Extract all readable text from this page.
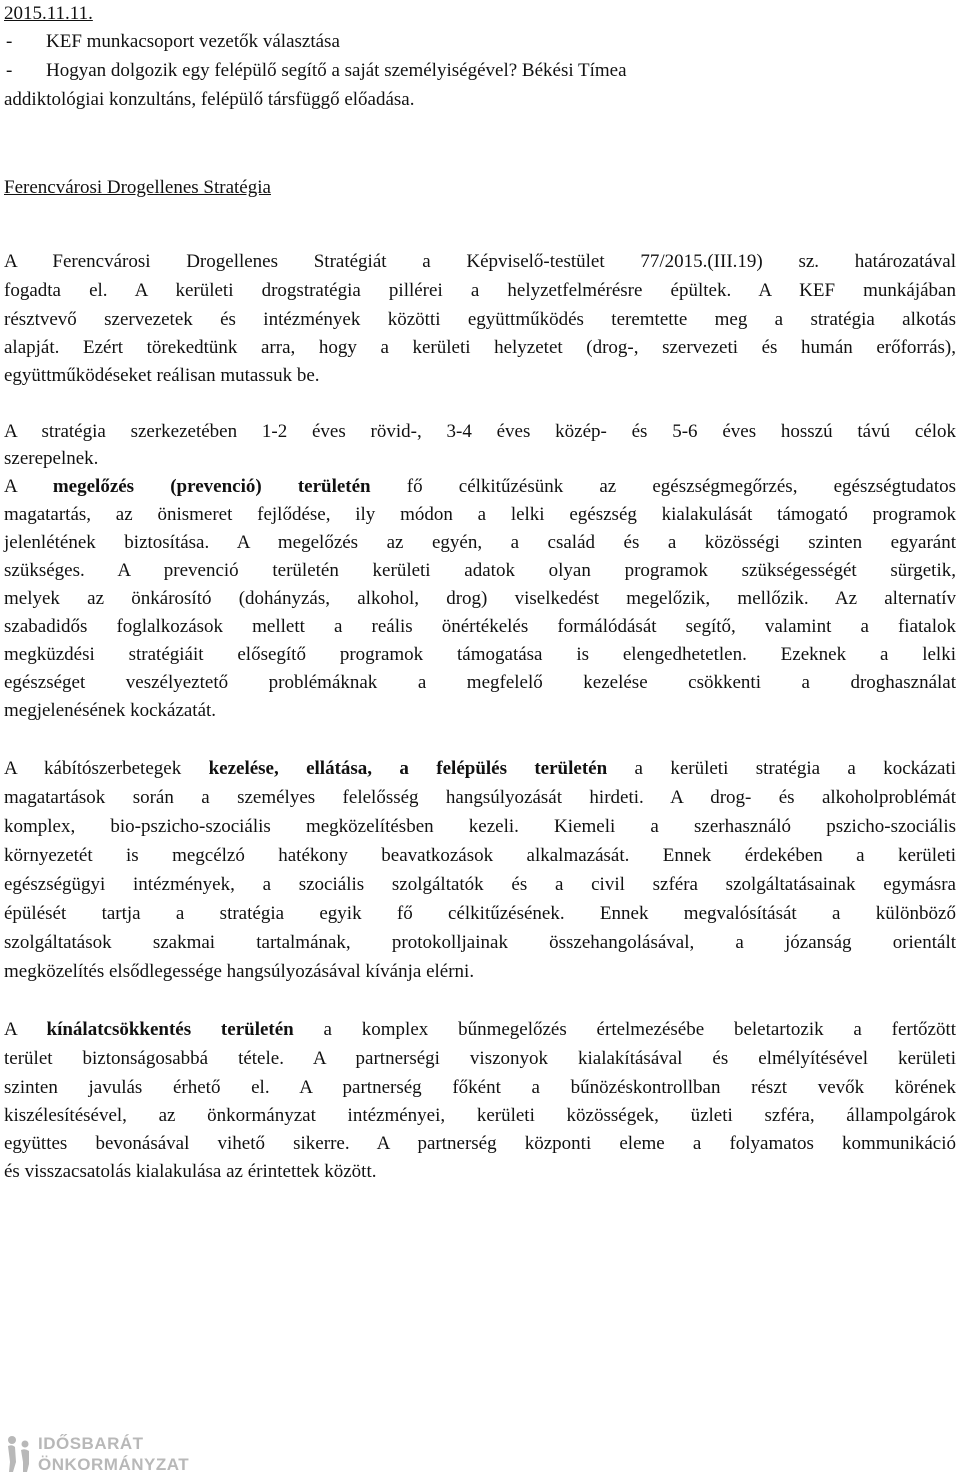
2015.11.11.
- KEF munkacsoport vezetők választása
- Hogyan dolgozik egy felépülő segítő a saját személyiségével? Békési Tímea
addiktológiai konzultáns, felépülő társfüggő előadása.
Ferencvárosi Drogellenes Stratégia
A Ferencvárosi Drogellenes Stratégiát a Képviselő-testület 77/2015.(III.19) sz. határozatával
fogadta el. A kerületi drogstratégia pillérei a helyzetfelmérésre épültek. A KEF munkájában
résztvevő szervezetek és intézmények közötti együttműködés teremtette meg a stratégia alkotás
alapját. Ezért törekedtünk arra, hogy a kerületi helyzetet (drog-, szervezeti és humán erőforrás),
együttműködéseket reálisan mutassuk be.
A stratégia szerkezetében 1-2 éves rövid-, 3-4 éves közép- és 5-6 éves hosszú távú célok
szerepelnek.
A megelőzés (prevenció) területén fő célkitűzésünk az egészségmegőrzés, egészségtudatos
magatartás, az önismeret fejlődése, ily módon a lelki egészség kialakulását támogató programok
jelenlétének biztosítása. A megelőzés az egyén, a család és a közösségi szinten egyaránt
szükséges. A prevenció területén kerületi adatok olyan programok szükségességét sürgetik,
melyek az önkárosító (dohányzás, alkohol, drog) viselkedést megelőzik, mellőzik. Az alternatív
szabadidős foglalkozások mellett a reális önértékelés formálódását segítő, valamint a fiatalok
megküzdési stratégiáit elősegítő programok támogatása is elengedhetetlen. Ezeknek a lelki
egészséget veszélyeztető problémáknak a megfelelő kezelése csökkenti a droghasználat
megjelenésének kockázatát.
A kábítószerbetegek kezelése, ellátása, a felépülés területén a kerületi stratégia a kockázati
magatartások során a személyes felelősség hangsúlyozását hirdeti. A drog- és alkoholproblémát
komplex, bio-pszicho-szociális megközelítésben kezeli. Kiemeli a szerhasználó pszicho-szociális
környezetét is megcélzó hatékony beavatkozások alkalmazását. Ennek érdekében a kerületi
egészségügyi intézmények, a szociális szolgáltatók és a civil szféra szolgáltatásainak egymásra
épülését tartja a stratégia egyik fő célkitűzésének. Ennek megvalósítását a különböző
szolgáltatások szakmai tartalmának, protokolljainak összehangolásával, a józanság orientált
megközelítés elsődlegessége hangsúlyozásával kívánja elérni.
A kínálatcsökkentés területén a komplex bűnmegelőzés értelmezésébe beletartozik a fertőzött
terület biztonságosabbá tétele. A partnerségi viszonyok kialakításával és elmélyítésével kerületi
szinten javulás érhető el. A partnerség főként a bűnözéskontrollban részt vevők körének
kiszélesítésével, az önkormányzat intézményei, kerületi közösségek, üzleti szféra, állampolgárok
együttes bevonásával vihető sikerre. A partnerség központi eleme a folyamatos kommunikáció
és visszacsatolás kialakulása az érintettek között.
IDŐSBARÁT
ÖNKORMÁNYZAT
